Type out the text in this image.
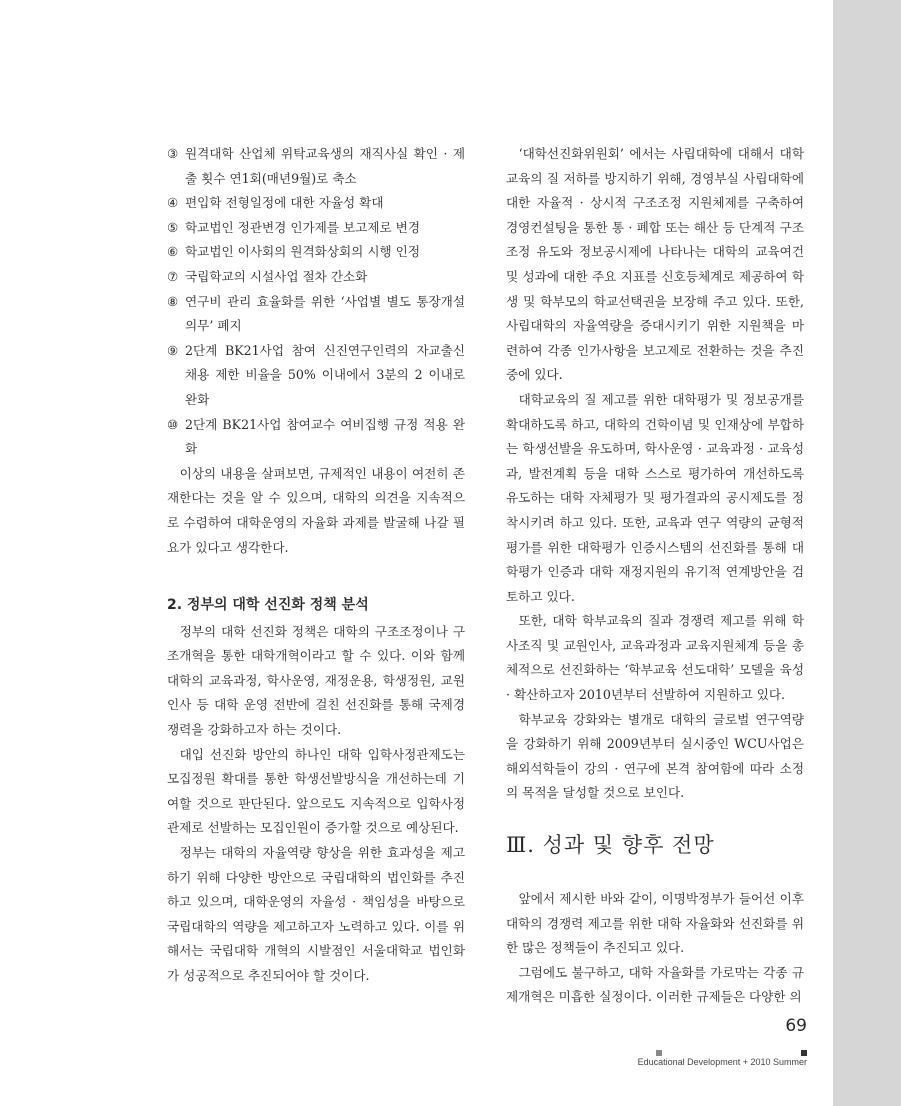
③ 원격대학 산업체 위탁교육생의 재직사실 확인 · 제출 횟수 연1회(매년9월)로 축소
④ 편입학 전형일정에 대한 자율성 확대
⑤ 학교법인 정관변경 인가제를 보고제로 변경
⑥ 학교법인 이사회의 원격화상회의 시행 인정
⑦ 국립학교의 시설사업 절차 간소화
⑧ 연구비 관리 효율화를 위한 ‘사업별 별도 통장개설 의무’ 폐지
⑨ 2단계 BK21사업 참여 신진연구인력의 자교출신 채용 제한 비율을 50% 이내에서 3분의 2 이내로 완화
⑩ 2단계 BK21사업 참여교수 여비집행 규정 적용 완화

이상의 내용을 살펴보면, 규제적인 내용이 여전히 존재한다는 것을 알 수 있으며, 대학의 의견을 지속적으로 수렴하여 대학운영의 자율화 과제를 발굴해 나갈 필요가 있다고 생각한다.

2. 정부의 대학 선진화 정책 분석

정부의 대학 선진화 정책은 대학의 구조조정이나 구조개혁을 통한 대학개혁이라고 할 수 있다. 이와 함께 대학의 교육과정, 학사운영, 재정운용, 학생정원, 교원인사 등 대학 운영 전반에 걸친 선진화를 통해 국제경쟁력을 강화하고자 하는 것이다.

대입 선진화 방안의 하나인 대학 입학사정관제도는 모집정원 확대를 통한 학생선발방식을 개선하는데 기여할 것으로 판단된다. 앞으로도 지속적으로 입학사정관제로 선발하는 모집인원이 증가할 것으로 예상된다.

정부는 대학의 자율역량 향상을 위한 효과성을 제고하기 위해 다양한 방안으로 국립대학의 법인화를 추진하고 있으며, 대학운영의 자율성 · 책임성을 바탕으로 국립대학의 역량을 제고하고자 노력하고 있다. 이를 위해서는 국립대학 개혁의 시발점인 서울대학교 법인화가 성공적으로 추진되어야 할 것이다.

‘대학선진화위원회’ 에서는 사립대학에 대해서 대학교육의 질 저하를 방지하기 위해, 경영부실 사립대학에 대한 자율적 · 상시적 구조조정 지원체제를 구축하여 경영컨설팅을 통한 통 · 폐합 또는 해산 등 단계적 구조조정 유도와 정보공시제에 나타나는 대학의 교육여건 및 성과에 대한 주요 지표를 신호등체계로 제공하여 학생 및 학부모의 학교선택권을 보장해 주고 있다. 또한, 사립대학의 자율역량을 증대시키기 위한 지원책을 마련하여 각종 인가사항을 보고제로 전환하는 것을 추진 중에 있다.

대학교육의 질 제고를 위한 대학평가 및 정보공개를 확대하도록 하고, 대학의 건학이념 및 인재상에 부합하는 학생선발을 유도하며, 학사운영 · 교육과정 · 교육성과, 발전계획 등을 대학 스스로 평가하여 개선하도록 유도하는 대학 자체평가 및 평가결과의 공시제도를 정착시키려 하고 있다. 또한, 교육과 연구 역량의 균형적 평가를 위한 대학평가 인증시스템의 선진화를 통해 대학평가 인증과 대학 재정지원의 유기적 연계방안을 검토하고 있다.

또한, 대학 학부교육의 질과 경쟁력 제고를 위해 학사조직 및 교원인사, 교육과정과 교육지원체계 등을 총체적으로 선진화하는 ‘학부교육 선도대학’ 모델을 육성 · 확산하고자 2010년부터 선발하여 지원하고 있다.

학부교육 강화와는 별개로 대학의 글로벌 연구역량을 강화하기 위해 2009년부터 실시중인 WCU사업은 해외석학들이 강의 · 연구에 본격 참여함에 따라 소정의 목적을 달성할 것으로 보인다.

Ⅲ. 성과 및 향후 전망

앞에서 제시한 바와 같이, 이명박정부가 들어선 이후 대학의 경쟁력 제고를 위한 대학 자율화와 선진화를 위한 많은 정책들이 추진되고 있다.

그럼에도 불구하고, 대학 자율화를 가로막는 각종 규제개혁은 미흡한 실정이다. 이러한 규제들은 다양한 의

69
Educational Development + 2010 Summer
